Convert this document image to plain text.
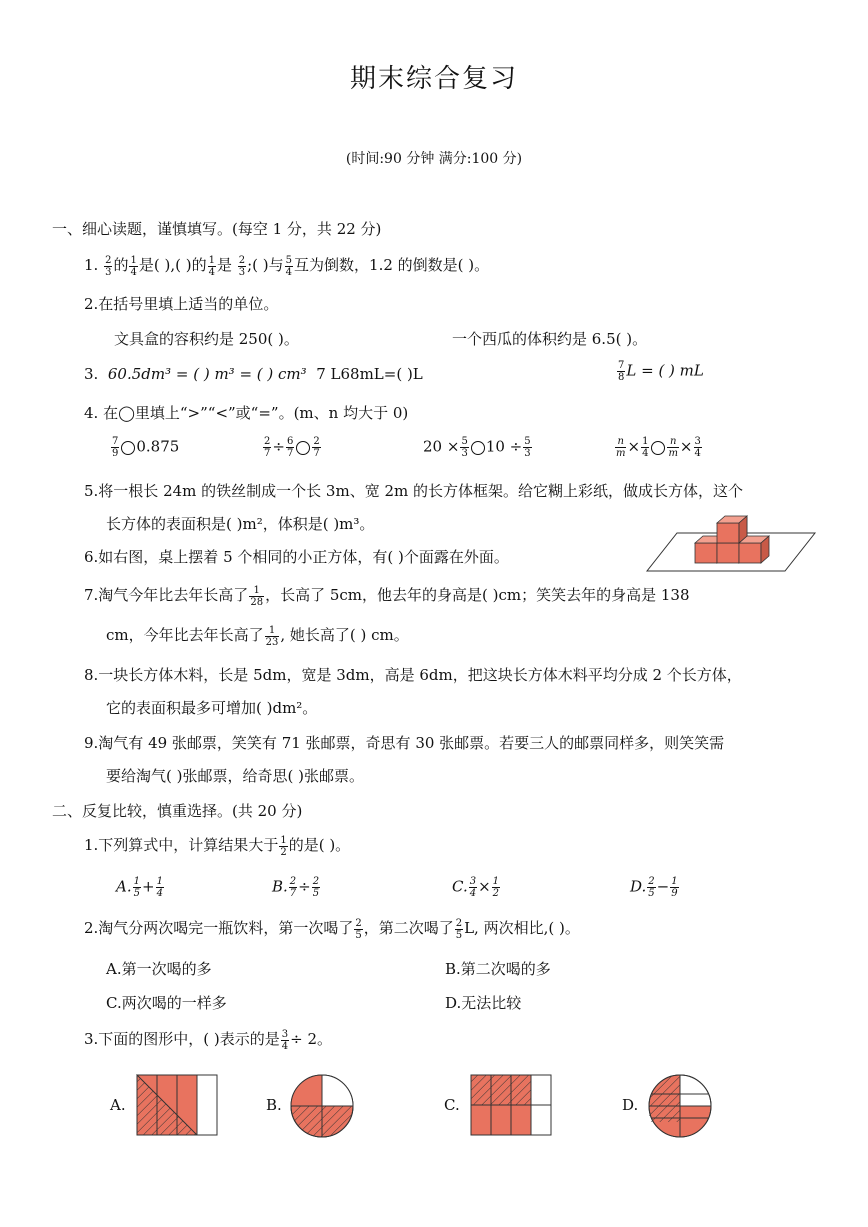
期末综合复习
(时间:90 分钟 满分:100 分)
一、细心读题，谨慎填写。(每空 1 分，共 22 分)
1. $\frac{2}{3}$ 的 $\frac{1}{4}$ 是( ),( )的 $\frac{1}{4}$ 是 $\frac{2}{3}$ ;( )与 $\frac{5}{4}$ 互为倒数，1.2 的倒数是( )。
2.在括号里填上适当的单位。
文具盒的容积约是 250( )。	一个西瓜的体积约是 6.5( )。
3. 60.5dm³ = ( ) m³ = ( ) cm³ 7 L68mL=( )L	$\frac{7}{8}$ L = ( ) mL
4. 在◯里填上“>”“<”或“=”。(m、n 均大于 0)
$\frac{7}{9} 0.875$	$\frac{2}{7} \div \frac{6}{7} \frac{2}{7}$	$20 \times \frac{5}{3} 10 \div \frac{5}{3}$	$\frac{n}{m} \times \frac{1}{4} \frac{n}{m} \times \frac{3}{4}$
5.将一根长 24m 的铁丝制成一个长 3m、宽 2m 的长方体框架。给它糊上彩纸，做成长方体，这个
长方体的表面积是( )m²，体积是( )m³。
6.如右图，桌上摆着 5 个相同的小正方体，有( )个面露在外面。
7.淘气今年比去年长高了 $\frac{1}{28}$ ，长高了 5cm，他去年的身高是( )cm；笑笑去年的身高是 138
cm，今年比去年长高了 $\frac{1}{23}$ , 她长高了( ) cm。
8.一块长方体木料，长是 5dm，宽是 3dm，高是 6dm，把这块长方体木料平均分成 2 个长方体，
它的表面积最多可增加( )dm²。
9.淘气有 49 张邮票，笑笑有 71 张邮票，奇思有 30 张邮票。若要三人的邮票同样多，则笑笑需
要给淘气( )张邮票，给奇思( )张邮票。
二、反复比较，慎重选择。(共 20 分)
1.下列算式中，计算结果大于 $\frac{1}{2}$ 的是( )。
A. $\frac{1}{5} + \frac{1}{4}$	B. $\frac{2}{7} \div \frac{2}{5}$	C. $\frac{3}{4} \times \frac{1}{2}$	D. $\frac{2}{5} - \frac{1}{9}$
2.淘气分两次喝完一瓶饮料，第一次喝了 $\frac{2}{5}$ ，第二次喝了 $\frac{2}{5} L$, 两次相比,( )。
A.第一次喝的多	B.第二次喝的多
C.两次喝的一样多	D.无法比较
3.下面的图形中，( )表示的是 $\frac{3}{4} \div 2$。
A.	B.	C.	D.
